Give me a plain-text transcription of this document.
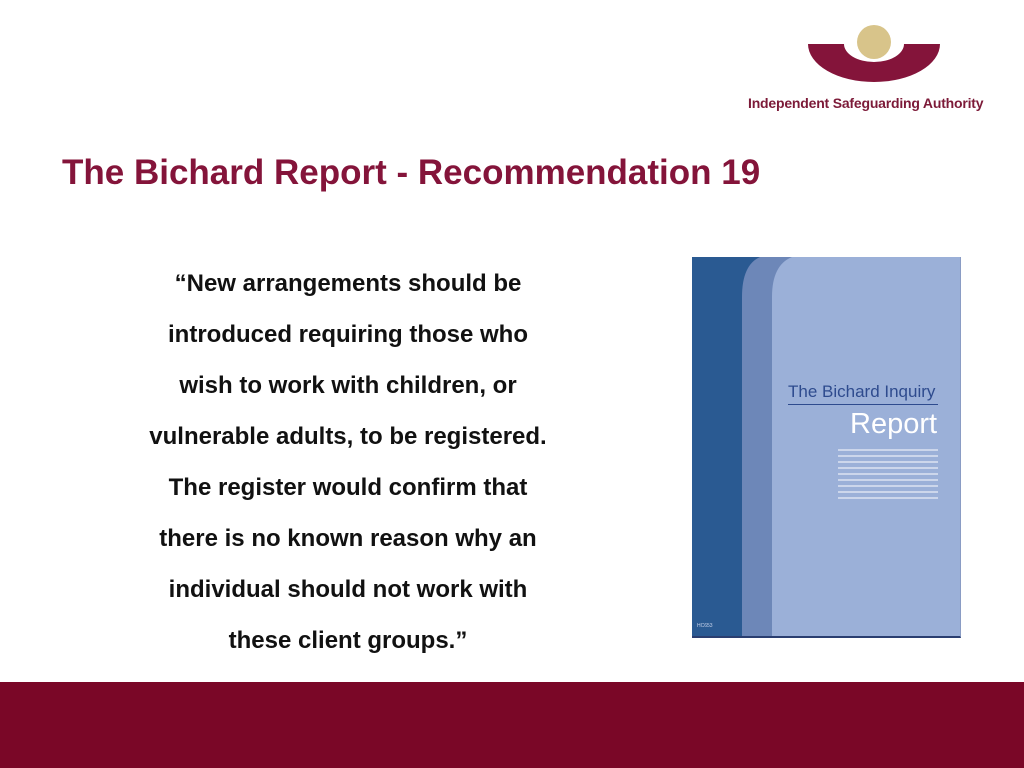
Independent Safeguarding Authority
The Bichard Report - Recommendation 19
“New arrangements should be
introduced requiring those who
wish to work with children, or
vulnerable adults, to be registered.
The register would confirm that
there is no known reason why an
individual should not work with
these client groups.”
The Bichard Inquiry
Report
HC653
